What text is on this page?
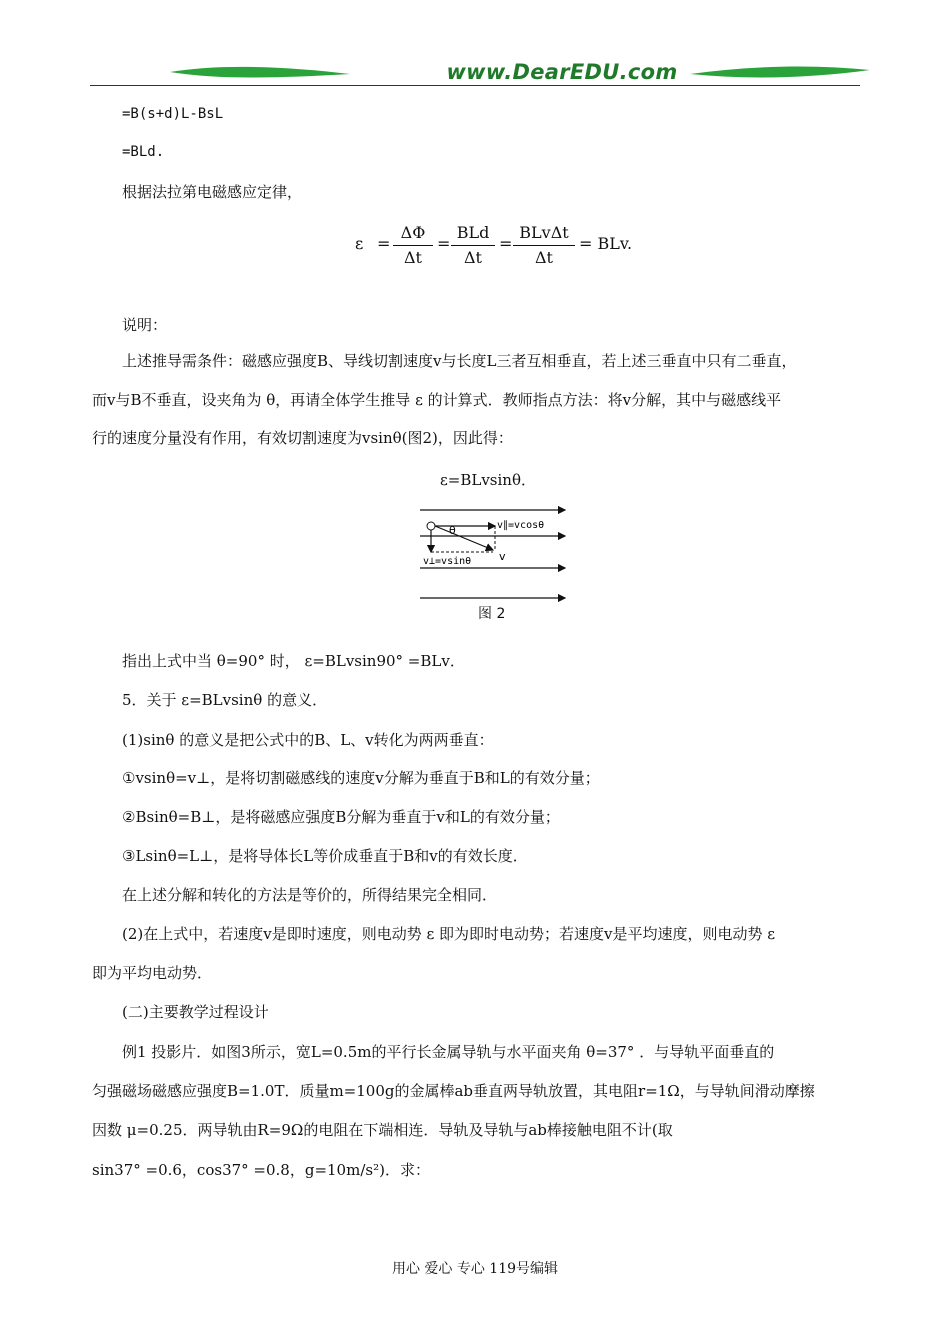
www.DearEDU.com
=B(s+d)L-BsL
=BLd.
根据法拉第电磁感应定律，
ε =
ΔΦ
Δt
=
BLd
Δt
=
BLvΔt
Δt
= BLv.
说明：
上述推导需条件：磁感应强度B、导线切割速度v与长度L三者互相垂直，若上述三垂直中只有二垂直，
而v与B不垂直，设夹角为 θ，再请全体学生推导 ε 的计算式．教师指点方法：将v分解，其中与磁感线平
行的速度分量没有作用，有效切割速度为vsinθ(图2)，因此得：
ε=BLvsinθ．
θ	v∥=vcosθ
v
v⊥=vsinθ
图 2
指出上式中当 θ=90° 时， ε=BLvsin90° =BLv．
5．关于 ε=BLvsinθ 的意义．
(1)sinθ 的意义是把公式中的B、L、v转化为两两垂直：
①vsinθ=v⊥，是将切割磁感线的速度v分解为垂直于B和L的有效分量；
②Bsinθ=B⊥，是将磁感应强度B分解为垂直于v和L的有效分量；
③Lsinθ=L⊥，是将导体长L等价成垂直于B和v的有效长度．
在上述分解和转化的方法是等价的，所得结果完全相同．
(2)在上式中，若速度v是即时速度，则电动势 ε 即为即时电动势；若速度v是平均速度，则电动势 ε
即为平均电动势．
(二)主要教学过程设计
例1 投影片．如图3所示，宽L=0.5m的平行长金属导轨与水平面夹角 θ=37° ．与导轨平面垂直的
匀强磁场磁感应强度B=1.0T．质量m=100g的金属棒ab垂直两导轨放置，其电阻r=1Ω，与导轨间滑动摩擦
因数 μ=0.25．两导轨由R=9Ω的电阻在下端相连．导轨及导轨与ab棒接触电阻不计(取
sin37° =0.6，cos37° =0.8，g=10m/s²)．求：
用心 爱心 专心 119号编辑
